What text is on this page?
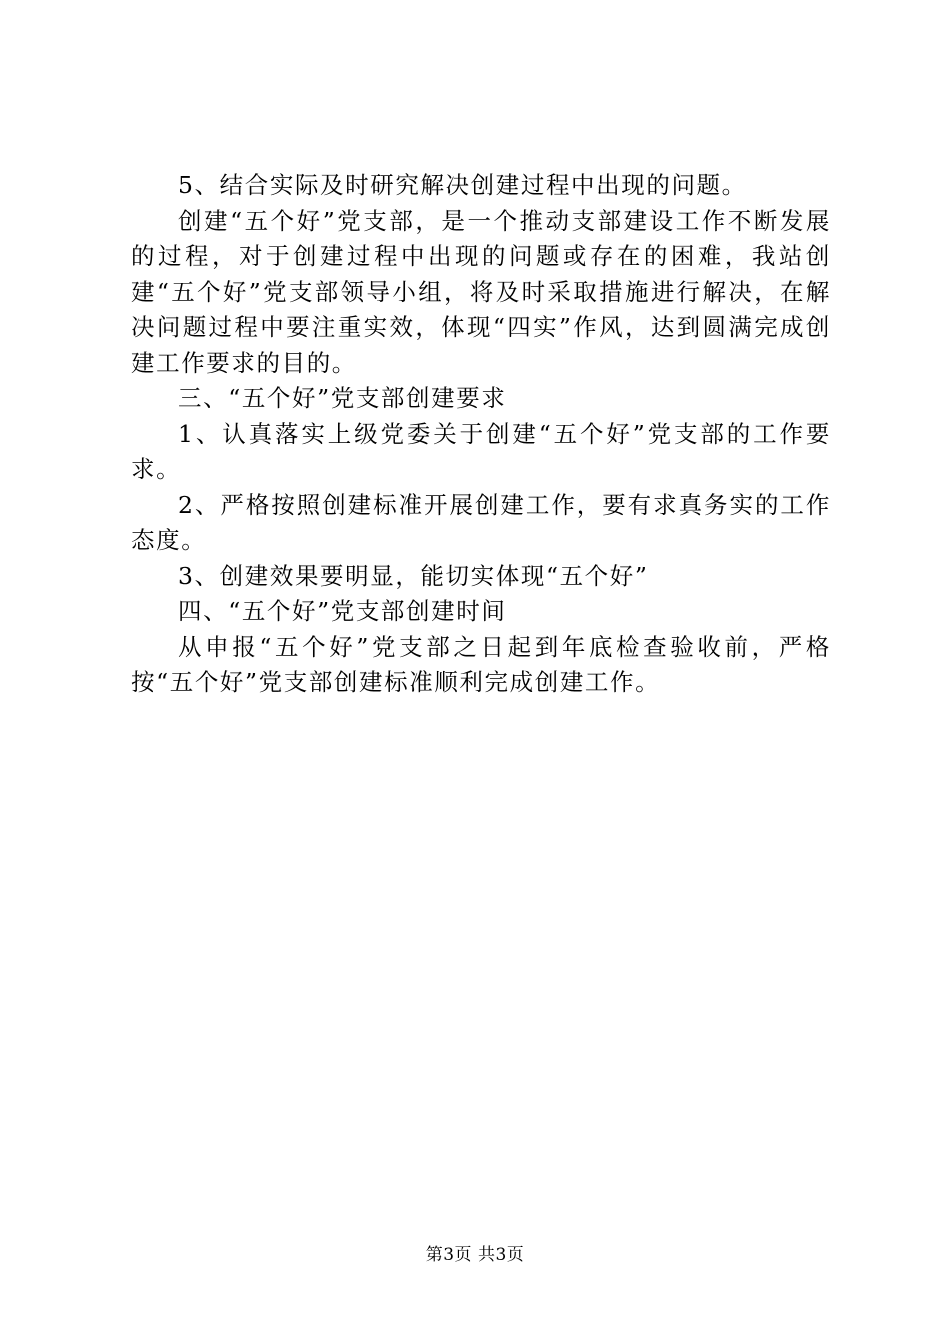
5、结合实际及时研究解决创建过程中出现的问题。

创建“五个好”党支部，是一个推动支部建设工作不断发展的过程，对于创建过程中出现的问题或存在的困难，我站创建“五个好”党支部领导小组，将及时采取措施进行解决，在解决问题过程中要注重实效，体现“四实”作风，达到圆满完成创建工作要求的目的。

三、“五个好”党支部创建要求

1、认真落实上级党委关于创建“五个好”党支部的工作要求。

2、严格按照创建标准开展创建工作，要有求真务实的工作态度。

3、创建效果要明显，能切实体现“五个好”

四、“五个好”党支部创建时间

从申报“五个好”党支部之日起到年底检查验收前，严格按“五个好”党支部创建标准顺利完成创建工作。

第3页 共3页
